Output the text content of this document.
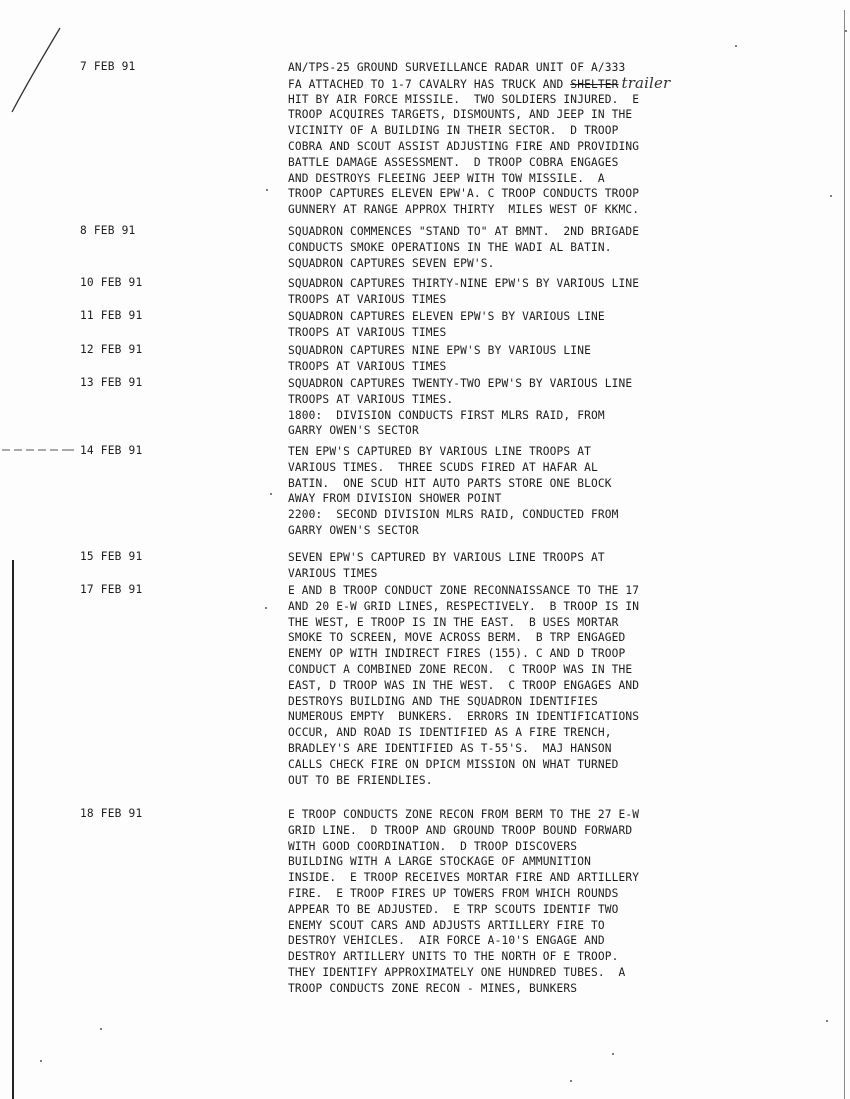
7 FEB 91	AN/TPS-25 GROUND SURVEILLANCE RADAR UNIT OF A/333
FA ATTACHED TO 1-7 CAVALRY HAS TRUCK AND SHELTER trailer
HIT BY AIR FORCE MISSILE.  TWO SOLDIERS INJURED.  E
TROOP ACQUIRES TARGETS, DISMOUNTS, AND JEEP IN THE
VICINITY OF A BUILDING IN THEIR SECTOR.  D TROOP
COBRA AND SCOUT ASSIST ADJUSTING FIRE AND PROVIDING
BATTLE DAMAGE ASSESSMENT.  D TROOP COBRA ENGAGES
AND DESTROYS FLEEING JEEP WITH TOW MISSILE.  A
TROOP CAPTURES ELEVEN EPW'A. C TROOP CONDUCTS TROOP
GUNNERY AT RANGE APPROX THIRTY  MILES WEST OF KKMC.
8 FEB 91	SQUADRON COMMENCES "STAND TO" AT BMNT.  2ND BRIGADE
CONDUCTS SMOKE OPERATIONS IN THE WADI AL BATIN.
SQUADRON CAPTURES SEVEN EPW'S.
10 FEB 91	SQUADRON CAPTURES THIRTY-NINE EPW'S BY VARIOUS LINE
TROOPS AT VARIOUS TIMES
11 FEB 91	SQUADRON CAPTURES ELEVEN EPW'S BY VARIOUS LINE
TROOPS AT VARIOUS TIMES
12 FEB 91	SQUADRON CAPTURES NINE EPW'S BY VARIOUS LINE
TROOPS AT VARIOUS TIMES
13 FEB 91	SQUADRON CAPTURES TWENTY-TWO EPW'S BY VARIOUS LINE
TROOPS AT VARIOUS TIMES.
1800:  DIVISION CONDUCTS FIRST MLRS RAID, FROM
GARRY OWEN'S SECTOR
14 FEB 91	TEN EPW'S CAPTURED BY VARIOUS LINE TROOPS AT
VARIOUS TIMES.  THREE SCUDS FIRED AT HAFAR AL
BATIN.  ONE SCUD HIT AUTO PARTS STORE ONE BLOCK
AWAY FROM DIVISION SHOWER POINT
2200:  SECOND DIVISION MLRS RAID, CONDUCTED FROM
GARRY OWEN'S SECTOR
15 FEB 91	SEVEN EPW'S CAPTURED BY VARIOUS LINE TROOPS AT
VARIOUS TIMES
17 FEB 91	E AND B TROOP CONDUCT ZONE RECONNAISSANCE TO THE 17
AND 20 E-W GRID LINES, RESPECTIVELY.  B TROOP IS IN
THE WEST, E TROOP IS IN THE EAST.  B USES MORTAR
SMOKE TO SCREEN, MOVE ACROSS BERM.  B TRP ENGAGED
ENEMY OP WITH INDIRECT FIRES (155). C AND D TROOP
CONDUCT A COMBINED ZONE RECON.  C TROOP WAS IN THE
EAST, D TROOP WAS IN THE WEST.  C TROOP ENGAGES AND
DESTROYS BUILDING AND THE SQUADRON IDENTIFIES
NUMEROUS EMPTY  BUNKERS.  ERRORS IN IDENTIFICATIONS
OCCUR, AND ROAD IS IDENTIFIED AS A FIRE TRENCH,
BRADLEY'S ARE IDENTIFIED AS T-55'S.  MAJ HANSON
CALLS CHECK FIRE ON DPICM MISSION ON WHAT TURNED
OUT TO BE FRIENDLIES.
18 FEB 91	E TROOP CONDUCTS ZONE RECON FROM BERM TO THE 27 E-W
GRID LINE.  D TROOP AND GROUND TROOP BOUND FORWARD
WITH GOOD COORDINATION.  D TROOP DISCOVERS
BUILDING WITH A LARGE STOCKAGE OF AMMUNITION
INSIDE.  E TROOP RECEIVES MORTAR FIRE AND ARTILLERY
FIRE.  E TROOP FIRES UP TOWERS FROM WHICH ROUNDS
APPEAR TO BE ADJUSTED.  E TRP SCOUTS IDENTIF TWO
ENEMY SCOUT CARS AND ADJUSTS ARTILLERY FIRE TO
DESTROY VEHICLES.  AIR FORCE A-10'S ENGAGE AND
DESTROY ARTILLERY UNITS TO THE NORTH OF E TROOP.
THEY IDENTIFY APPROXIMATELY ONE HUNDRED TUBES.  A
TROOP CONDUCTS ZONE RECON - MINES, BUNKERS
